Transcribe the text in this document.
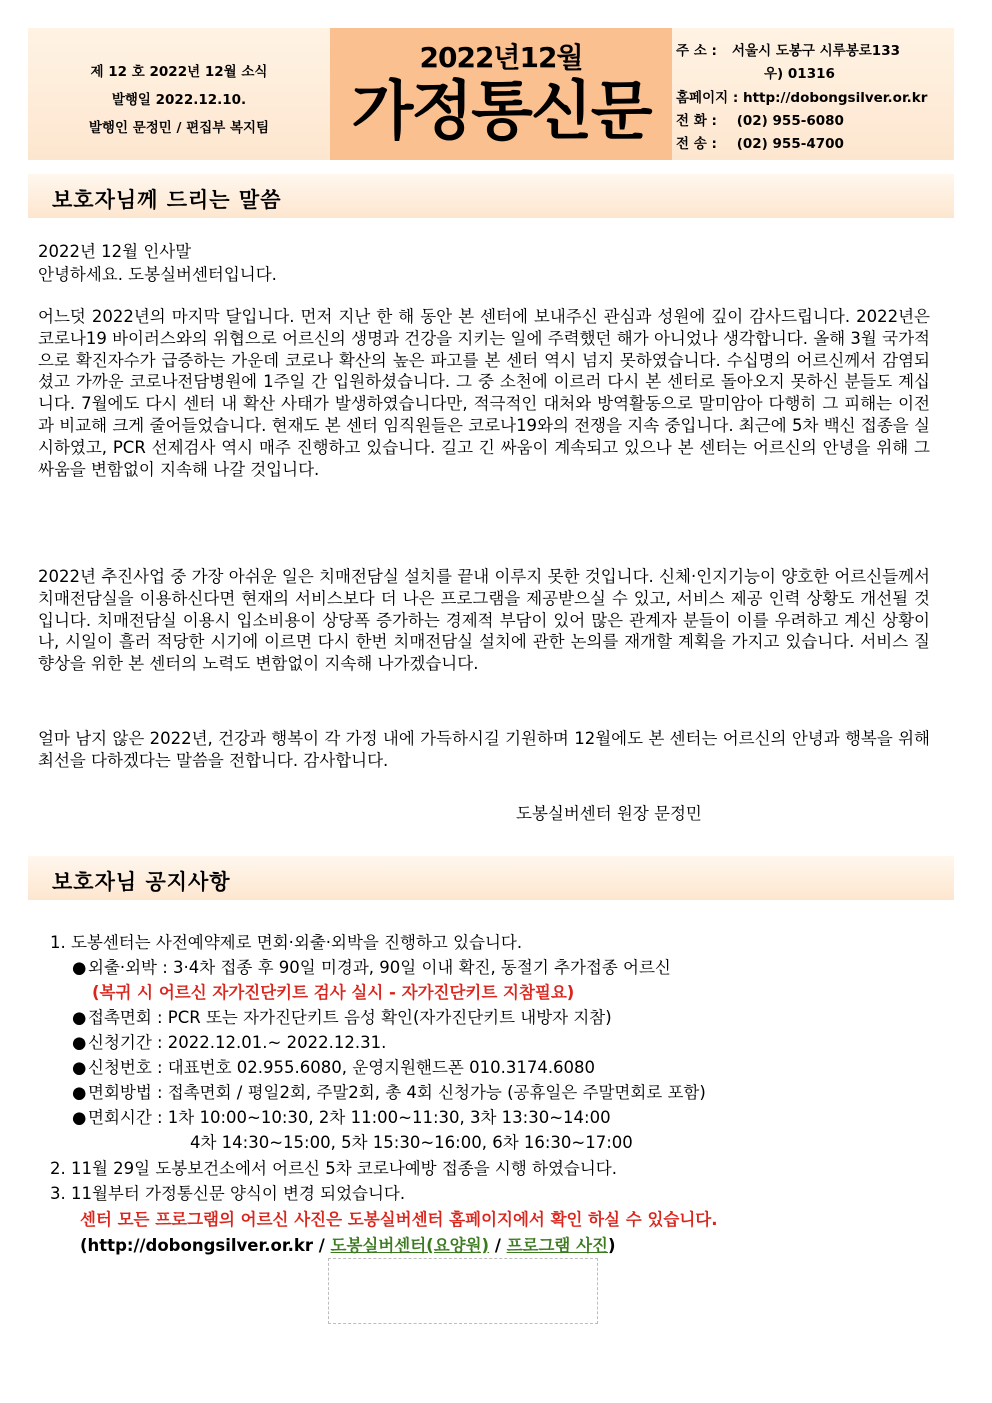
제 12 호 2022년 12월 소식
발행일 2022.12.10.
발행인 문정민 / 편집부 복지팀
2022년12월
가정통신문
주 소 : 서울시 도봉구 시루봉로133
우) 01316
홈페이지 : http://dobongsilver.or.kr
전 화 : (02) 955-6080
전 송 : (02) 955-4700
보호자님께 드리는 말씀
2022년 12월 인사말
안녕하세요. 도봉실버센터입니다.

어느덧 2022년의 마지막 달입니다. 먼저 지난 한 해 동안 본 센터에 보내주신 관심과 성원에 깊이 감사드립니다. 2022년은 코로나19 바이러스와의 위협으로 어르신의 생명과 건강을 지키는 일에 주력했던 해가 아니었나 생각합니다. 올해 3월 국가적으로 확진자수가 급증하는 가운데 코로나 확산의 높은 파고를 본 센터 역시 넘지 못하였습니다. 수십명의 어르신께서 감염되셨고 가까운 코로나전담병원에 1주일 간 입원하셨습니다. 그 중 소천에 이르러 다시 본 센터로 돌아오지 못하신 분들도 계십니다. 7월에도 다시 센터 내 확산 사태가 발생하였습니다만, 적극적인 대처와 방역활동으로 말미암아 다행히 그 피해는 이전과 비교해 크게 줄어들었습니다. 현재도 본 센터 임직원들은 코로나19와의 전쟁을 지속 중입니다. 최근에 5차 백신 접종을 실시하였고, PCR 선제검사 역시 매주 진행하고 있습니다. 길고 긴 싸움이 계속되고 있으나 본 센터는 어르신의 안녕을 위해 그 싸움을 변함없이 지속해 나갈 것입니다.

2022년 추진사업 중 가장 아쉬운 일은 치매전담실 설치를 끝내 이루지 못한 것입니다. 신체·인지기능이 양호한 어르신들께서 치매전담실을 이용하신다면 현재의 서비스보다 더 나은 프로그램을 제공받으실 수 있고, 서비스 제공 인력 상황도 개선될 것입니다. 치매전담실 이용시 입소비용이 상당폭 증가하는 경제적 부담이 있어 많은 관계자 분들이 이를 우려하고 계신 상황이나, 시일이 흘러 적당한 시기에 이르면 다시 한번 치매전담실 설치에 관한 논의를 재개할 계획을 가지고 있습니다. 서비스 질 향상을 위한 본 센터의 노력도 변함없이 지속해 나가겠습니다.

얼마 남지 않은 2022년, 건강과 행복이 각 가정 내에 가득하시길 기원하며 12월에도 본 센터는 어르신의 안녕과 행복을 위해 최선을 다하겠다는 말씀을 전합니다. 감사합니다.

도봉실버센터 원장 문정민
보호자님 공지사항
1. 도봉센터는 사전예약제로 면회·외출·외박을 진행하고 있습니다.
●외출·외박 : 3·4차 접종 후 90일 미경과, 90일 이내 확진, 동절기 추가접종 어르신
(복귀 시 어르신 자가진단키트 검사 실시 - 자가진단키트 지참필요)
●접촉면회 : PCR 또는 자가진단키트 음성 확인(자가진단키트 내방자 지참)
●신청기간 : 2022.12.01.~ 2022.12.31.
●신청번호 : 대표번호 02.955.6080, 운영지원핸드폰 010.3174.6080
●면회방법 : 접촉면회 / 평일2회, 주말2회, 총 4회 신청가능 (공휴일은 주말면회로 포함)
●면회시간 : 1차 10:00~10:30, 2차 11:00~11:30, 3차 13:30~14:00
4차 14:30~15:00, 5차 15:30~16:00, 6차 16:30~17:00
2. 11월 29일 도봉보건소에서 어르신 5차 코로나예방 접종을 시행 하였습니다.
3. 11월부터 가정통신문 양식이 변경 되었습니다.
센터 모든 프로그램의 어르신 사진은 도봉실버센터 홈페이지에서 확인 하실 수 있습니다.
(http://dobongsilver.or.kr / 도봉실버센터(요양원) / 프로그램 사진)
